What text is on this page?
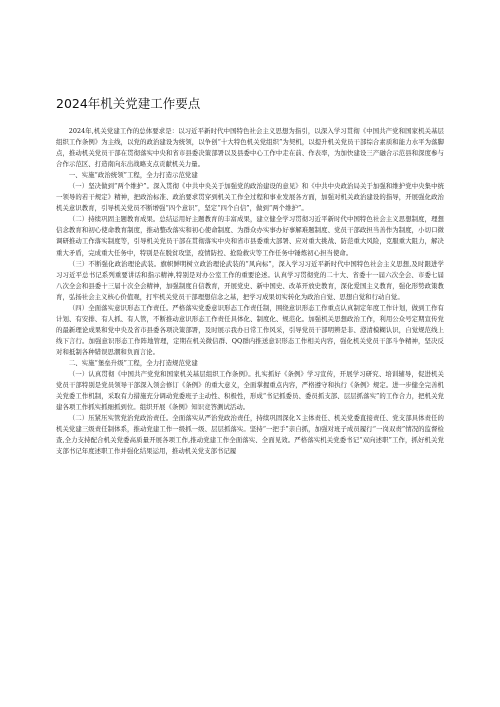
2024年机关党建工作要点

2024年,机关党建工作的总体要求是：以习近平新时代中国特色社会主义思想为指引，以深入学习贯彻《中国共产党和国家机关基层组织工作条例》为主线，以党的政治建设为统领，以争创“十大特色机关党组织”为契机，以提升机关党员干部综合素质和能力水平为落脚点，推动机关党员干部在贯彻落实中央和省市县委决策部署以及县委中心工作中走在前、作表率，为加快建设三产融合示范县和深度参与合作示范区、打造南向东出战略支点贡献机关力量。

一、实施“政治统领”工程，全力打造示范党建

（一）坚决做到“两个维护”。深入贯彻《中共中央关于加强党的政治建设的意见》和《中共中央政治局关于加强和维护党中央集中统一领导的若干规定》精神，把政治标准、政治要求贯穿到机关工作全过程和事业发展各方面，加强对机关政治建设的指导，开展强化政治机关意识教育，引导机关党员不断增强“四个意识”，坚定“四个自信”，做到“两个维护”。

（二）持续巩固主题教育成果。总结运用好主题教育的丰富成果，建立健全学习贯彻习近平新时代中国特色社会主义思想制度，理想信念教育和初心使命教育制度，推动整改落实和初心使命制度、为群众办实事办好事解难题制度、党员干部政担当善作为制度，小切口微调研推动工作落实制度等，引导机关党员干部在贯彻落实中央和省市县委重大部署、应对重大挑战、防范重大风险，克服重大阻力，解决重大矛盾，完成重大任务中，特别是在脱贫攻坚，疫情防控、抢险救灾等工作任务中锤炼初心担当使命。

（三）不断强化政治理论武装。旗帜鲜明树立政治理论武装的“风向标”，深入学习习近平新时代中国特色社会主义思想,及时跟进学习习近平总书记系列重要讲话和指示精神,特别是对办公室工作的重要论述。认真学习贯彻党的二十大、省委十一届六次全会、市委七届八次全会和县委十三届十次全会精神，加强制度自信教育，开展党史、新中国史、改革开放史教育，深化爱国主义教育，强化形势政策教育，弘扬社会主义核心价值观，打牢机关党员干部理想信念之基，把学习成果切实转化为政治自觉、思想自觉和行动自觉。

（四）全面落实意识形态工作责任。严格落实党委意识形态工作责任制，围绕意识形态工作重点认真制定年度工作计划，做到工作有计划、有安排、有人抓、有人管，不断推动意识形态工作责任具体化、制度化、规范化。加强机关思想政治工作，利用公众号定期宣传党的最新理论成果和党中央及省市县委各项决策部署，及时展示我办日常工作风采，引导党员干部明辨是非、澄清模糊认识，自觉规范线上线下言行。加强意识形态工作阵地管理，定期在机关微信群、QQ群内推送意识形态工作相关内容，强化机关党员干部斗争精神，坚决反对和抵制各种错误思潮和负面言论。

二、实施“堡垒升级”工程，全力打造规范党建

（一）认真贯彻《中国共产党党和国家机关基层组织工作条例》。扎实抓好《条例》学习宣传，开展学习研究、培训辅导，促进机关党员干部特别是党员领导干部深入领会修订《条例》的重大意义，全面掌握重点内容，严格遵守和执行《条例》规定。进一步健全完善机关党委工作机制，采取有力措施充分调动党委班子主动性、积极性，形成“书记抓委员、委员抓支部、层层抓落实”的工作合力，把机关党建各项工作抓实抓细抓到位。组织开展《条例》知识竞答测试活动。

（二）压紧压实管党治党政治责任。全面落实从严治党政治责任，持续巩固深化Ｘ主体责任、机关党委直接责任、党支部具体责任的机关党建三级责任制体系，推动党建工作一级抓一级、层层抓落实。坚持“一把手”亲自抓，加强对班子成员履行“一岗双责”情况的监督检查,全力支持配合机关党委高质量开展各项工作,推动党建工作全面落实、全面见效。严格落实机关党委书记“双向述职”工作，抓好机关党支部书记年度述职工作并强化结果运用，推动机关党支部书记履
